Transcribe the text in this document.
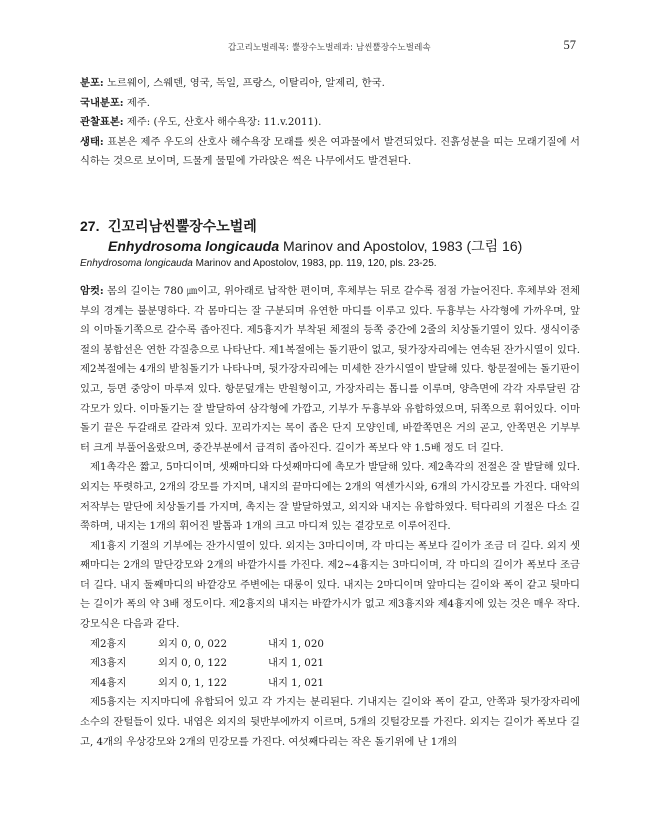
갑고리노벌레목: 뿔장수노벌레과: 남씬뿔장수노벌레속	57

분포: 노르웨이, 스웨덴, 영국, 독일, 프랑스, 이탈리아, 알제리, 한국.

국내분포: 제주.

관찰표본: 제주: (우도, 산호사 해수욕장: 11.v.2011).

생태: 표본은 제주 우도의 산호사 해수욕장 모래를 씻은 여과물에서 발견되었다. 진흙성분을 띠는 모래기질에 서식하는 것으로 보이며, 드물게 물밑에 가라앉은 썩은 나무에서도 발견된다.

27. 긴꼬리남씬뿔장수노벌레
Enhydrosoma longicauda Marinov and Apostolov, 1983 (그림 16)

Enhydrosoma longicauda Marinov and Apostolov, 1983, pp. 119, 120, pls. 23-25.

암컷: 몸의 길이는 780 ㎛이고, 위아래로 납작한 편이며, 후체부는 뒤로 갈수록 점점 가늘어진다. 후체부와 전체부의 경계는 불분명하다. 각 몸마디는 잘 구분되며 유연한 마디를 이루고 있다. 두흉부는 사각형에 가까우며, 앞의 이마돌기쪽으로 갈수록 좁아진다. 제5흉지가 부착된 체절의 등쪽 중간에 2줄의 치상돌기열이 있다. 생식이중절의 봉합선은 연한 각질층으로 나타난다. 제1복절에는 돌기판이 없고, 뒷가장자리에는 연속된 잔가시열이 있다. 제2복절에는 4개의 받침돌기가 나타나며, 뒷가장자리에는 미세한 잔가시열이 발달해 있다. 항문절에는 돌기판이 있고, 등면 중앙이 마루져 있다. 항문덮개는 반원형이고, 가장자리는 톱니를 이루며, 양측면에 각각 자루달린 감각모가 있다. 이마돌기는 잘 발달하여 삼각형에 가깝고, 기부가 두흉부와 유합하였으며, 뒤쪽으로 휘어있다. 이마돌기 끝은 두갈래로 갈라져 있다. 꼬리가지는 목이 좁은 단지 모양인데, 바깥쪽면은 거의 곧고, 안쪽면은 기부부터 크게 부풀어올랐으며, 중간부분에서 급격히 좁아진다. 길이가 폭보다 약 1.5배 정도 더 길다.

제1촉각은 짧고, 5마디이며, 셋째마디와 다섯째마디에 촉모가 발달해 있다. 제2촉각의 전절은 잘 발달해 있다. 외지는 뚜렷하고, 2개의 강모를 가지며, 내지의 끝마디에는 2개의 역센가시와, 6개의 가시강모를 가진다. 대악의 저작부는 말단에 치상돌기를 가지며, 촉지는 잘 발달하였고, 외지와 내지는 유합하였다. 턱다리의 기절은 다소 길쭉하며, 내지는 1개의 휘어진 발톱과 1개의 크고 마디져 있는 곁강모로 이루어진다.

제1흉지 기절의 기부에는 잔가시열이 있다. 외지는 3마디이며, 각 마디는 폭보다 길이가 조금 더 길다. 외지 셋째마디는 2개의 말단강모와 2개의 바깥가시를 가진다. 제2~4흉지는 3마디이며, 각 마디의 길이가 폭보다 조금 더 길다. 내지 둘째마디의 바깥강모 주변에는 대롱이 있다. 내지는 2마디이며 앞마디는 길이와 폭이 같고 뒷마디는 길이가 폭의 약 3배 정도이다. 제2흉지의 내지는 바깥가시가 없고 제3흉지와 제4흉지에 있는 것은 매우 작다. 강모식은 다음과 같다.

제2흉지	외지 0, 0, 022	내지 1, 020
제3흉지	외지 0, 0, 122	내지 1, 021
제4흉지	외지 0, 1, 122	내지 1, 021

제5흉지는 지지마디에 유합되어 있고 각 가지는 분리된다. 기내지는 길이와 폭이 같고, 안쪽과 뒷가장자리에 소수의 잔털들이 있다. 내엽은 외지의 뒷반부에까지 이르며, 5개의 깃털강모를 가진다. 외지는 길이가 폭보다 길고, 4개의 우상강모와 2개의 민강모를 가진다. 여섯째다리는 작은 돌기위에 난 1개의
